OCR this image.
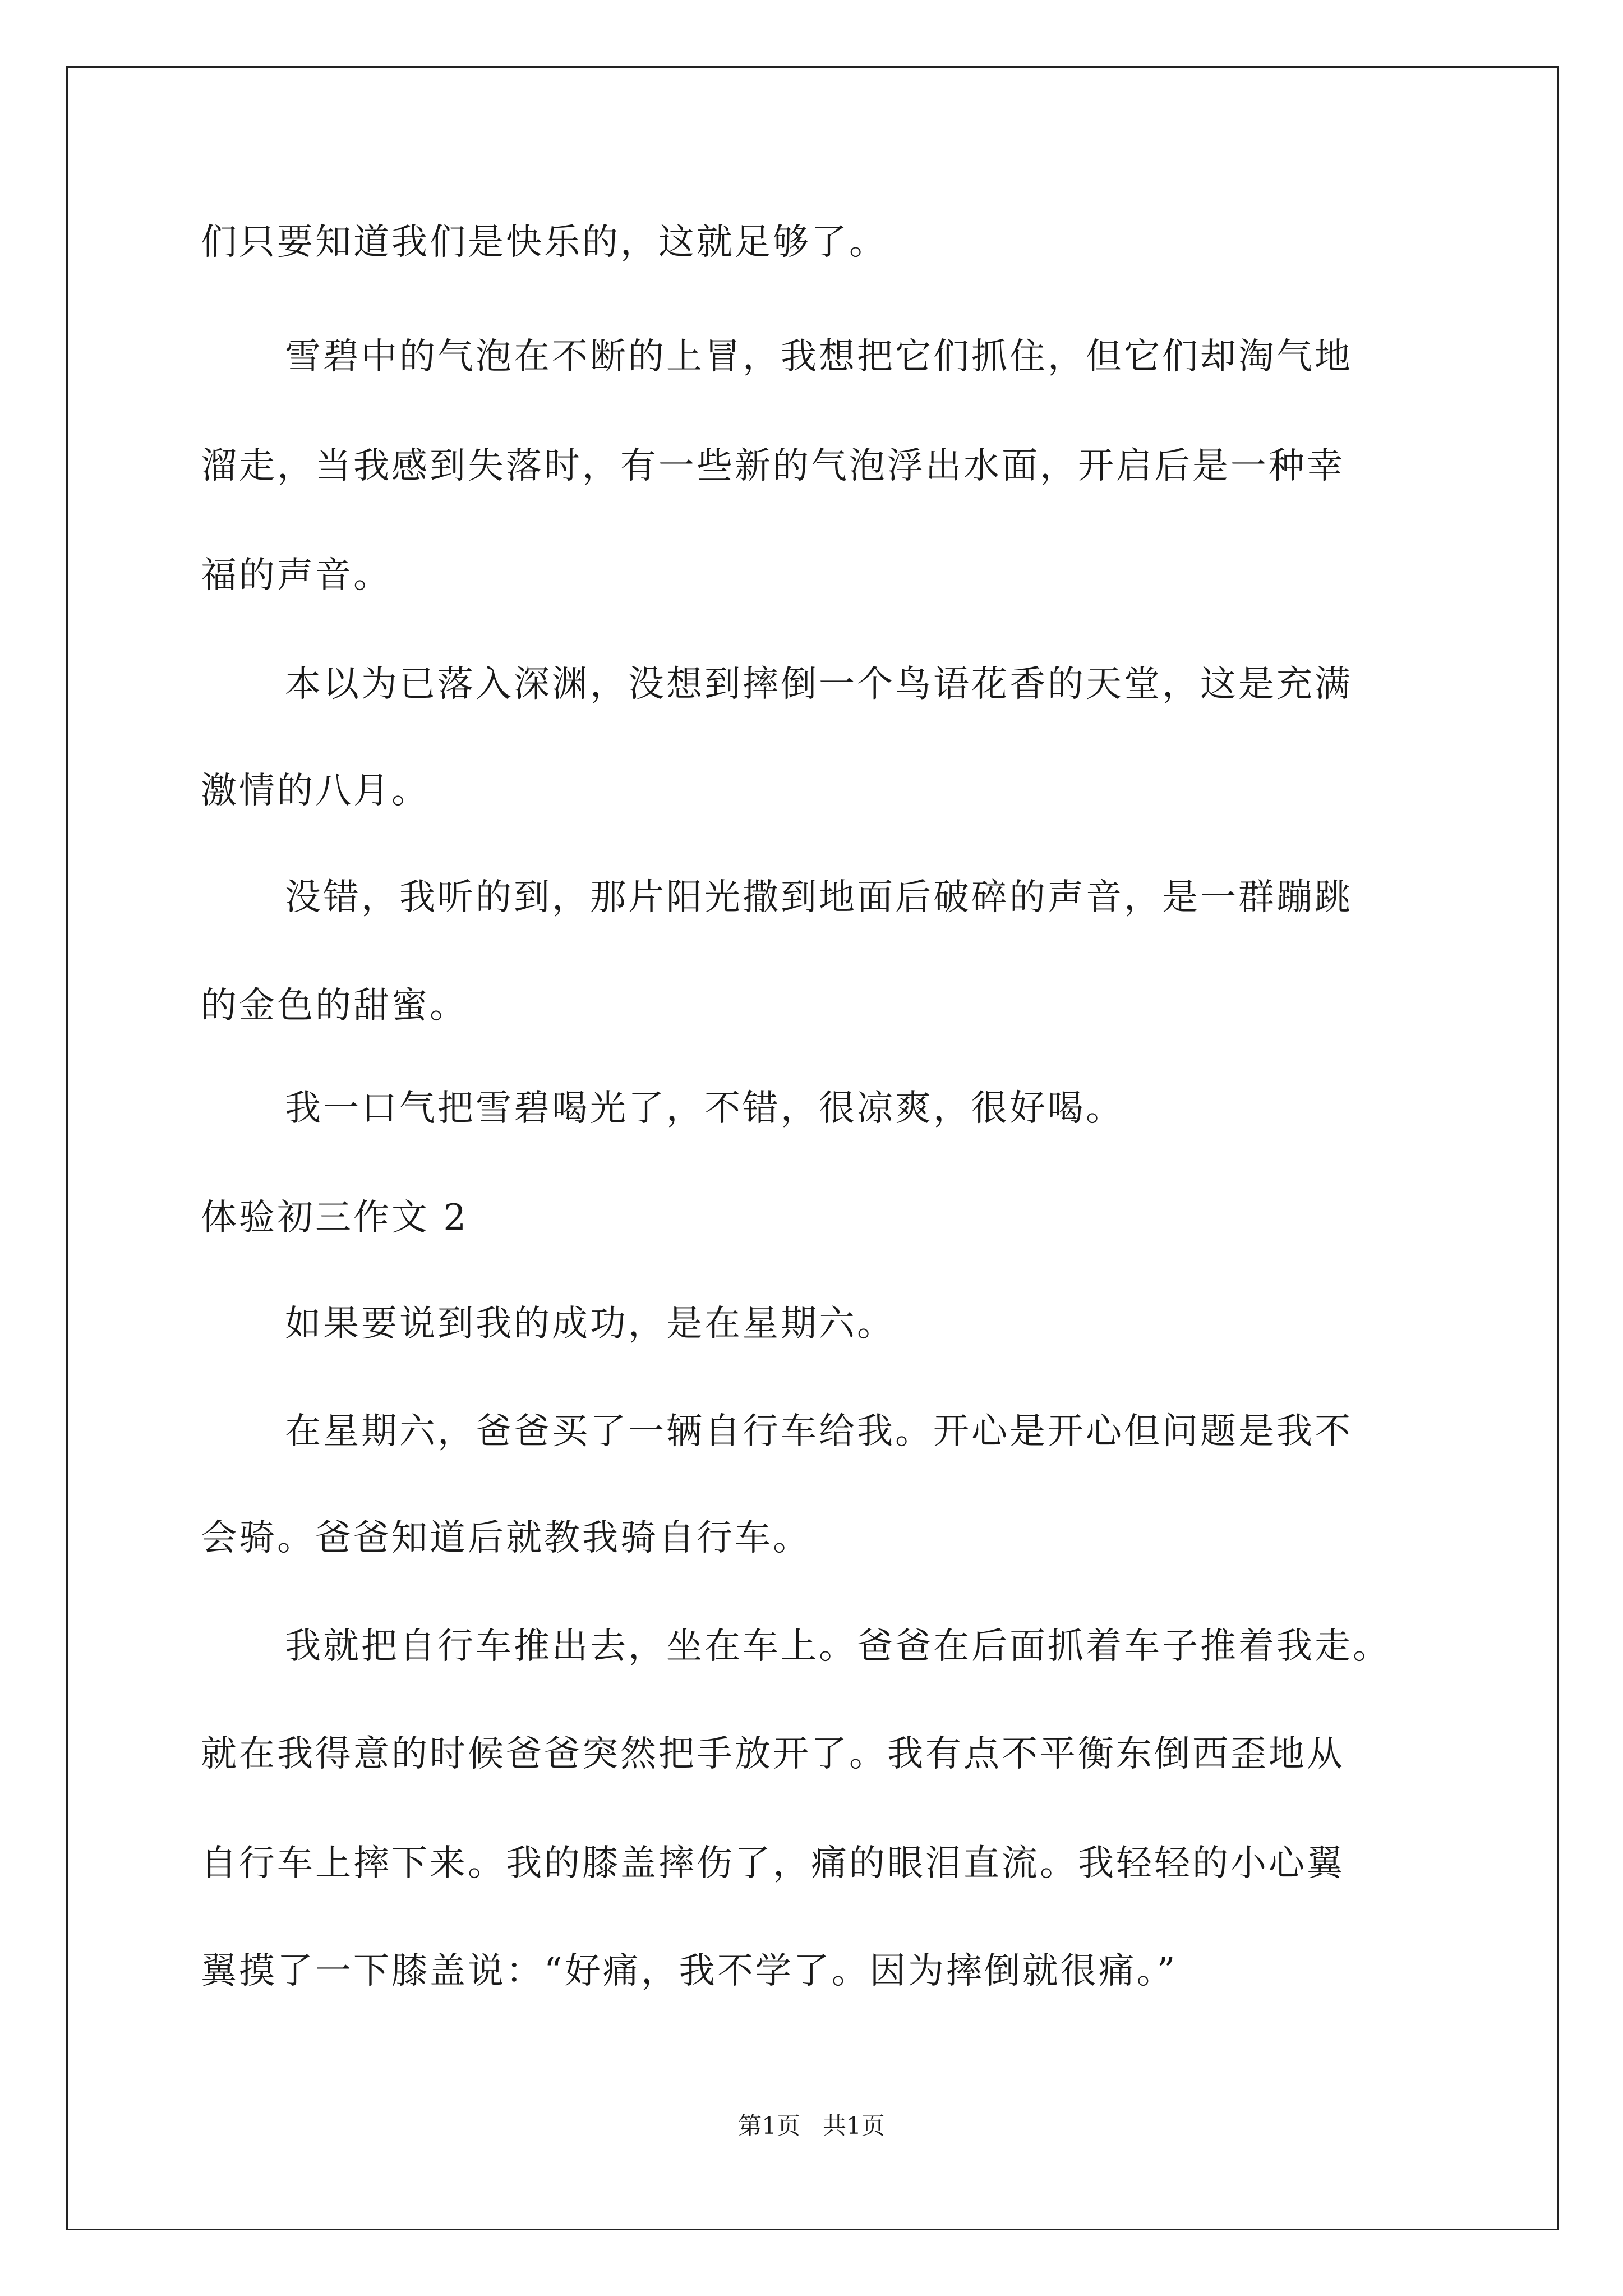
们只要知道我们是快乐的，这就足够了。
雪碧中的气泡在不断的上冒，我想把它们抓住，但它们却淘气地
溜走，当我感到失落时，有一些新的气泡浮出水面，开启后是一种幸
福的声音。
本以为已落入深渊，没想到摔倒一个鸟语花香的天堂，这是充满
激情的八月。
没错，我听的到，那片阳光撒到地面后破碎的声音，是一群蹦跳
的金色的甜蜜。
我一口气把雪碧喝光了，不错，很凉爽，很好喝。
体验初三作文 2
如果要说到我的成功，是在星期六。
在星期六，爸爸买了一辆自行车给我。开心是开心但问题是我不
会骑。爸爸知道后就教我骑自行车。
我就把自行车推出去，坐在车上。爸爸在后面抓着车子推着我走。
就在我得意的时候爸爸突然把手放开了。我有点不平衡东倒西歪地从
自行车上摔下来。我的膝盖摔伤了，痛的眼泪直流。我轻轻的小心翼
翼摸了一下膝盖说：“好痛，我不学了。因为摔倒就很痛。”
第1页   共1页
